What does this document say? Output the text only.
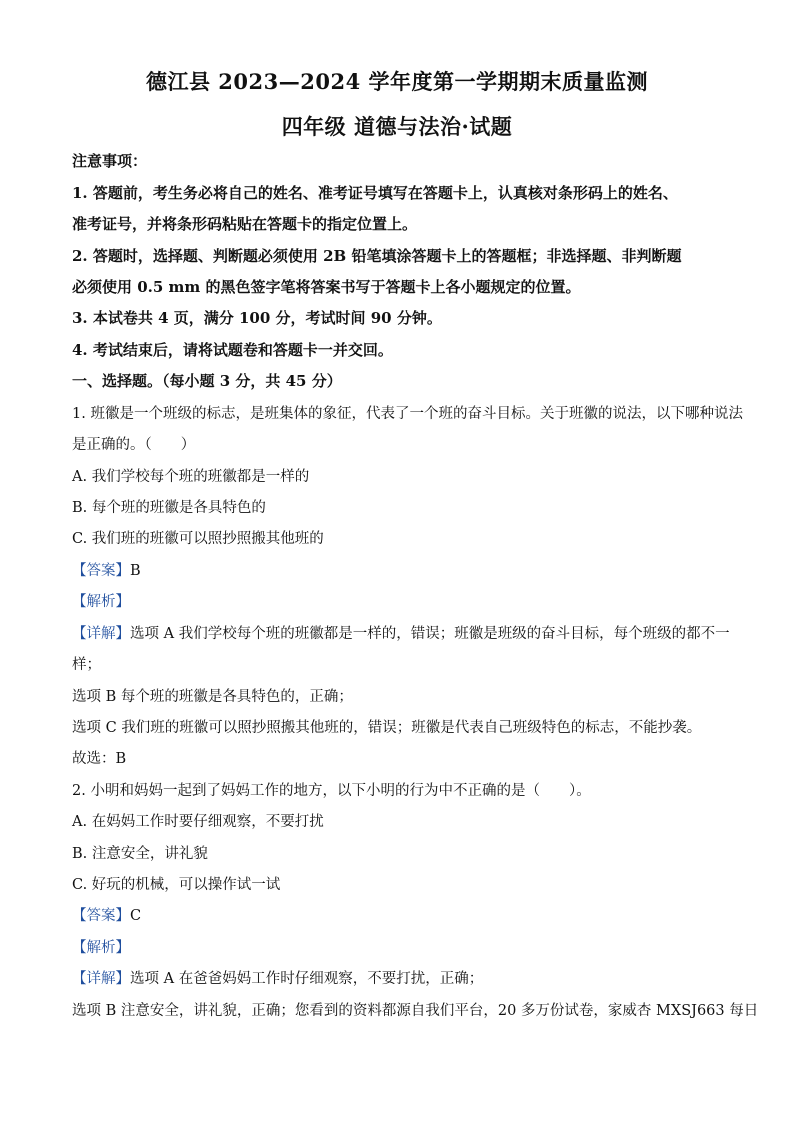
德江县 2023—2024 学年度第一学期期末质量监测
四年级 道德与法治·试题
注意事项：
1. 答题前，考生务必将自己的姓名、准考证号填写在答题卡上，认真核对条形码上的姓名、
准考证号，并将条形码粘贴在答题卡的指定位置上。
2. 答题时，选择题、判断题必须使用 2B 铅笔填涂答题卡上的答题框；非选择题、非判断题
必须使用 0.5 mm 的黑色签字笔将答案书写于答题卡上各小题规定的位置。
3. 本试卷共 4 页，满分 100 分，考试时间 90 分钟。
4. 考试结束后，请将试题卷和答题卡一并交回。
一、选择题。（每小题 3 分，共 45 分）
1. 班徽是一个班级的标志，是班集体的象征，代表了一个班的奋斗目标。关于班徽的说法，以下哪种说法
是正确的。（　　）
A. 我们学校每个班的班徽都是一样的
B. 每个班的班徽是各具特色的
C. 我们班的班徽可以照抄照搬其他班的
【答案】B
【解析】
【详解】选项 A 我们学校每个班的班徽都是一样的，错误；班徽是班级的奋斗目标，每个班级的都不一
样；
选项 B 每个班的班徽是各具特色的，正确；
选项 C 我们班的班徽可以照抄照搬其他班的，错误；班徽是代表自己班级特色的标志，不能抄袭。
故选：B
2. 小明和妈妈一起到了妈妈工作的地方，以下小明的行为中不正确的是（　　）。
A. 在妈妈工作时要仔细观察，不要打扰
B. 注意安全，讲礼貌
C. 好玩的机械，可以操作试一试
【答案】C
【解析】
【详解】选项 A 在爸爸妈妈工作时仔细观察，不要打扰，正确；
选项 B 注意安全，讲礼貌，正确；您看到的资料都源自我们平台，20 多万份试卷，家威杏 MXSJ663 每日
